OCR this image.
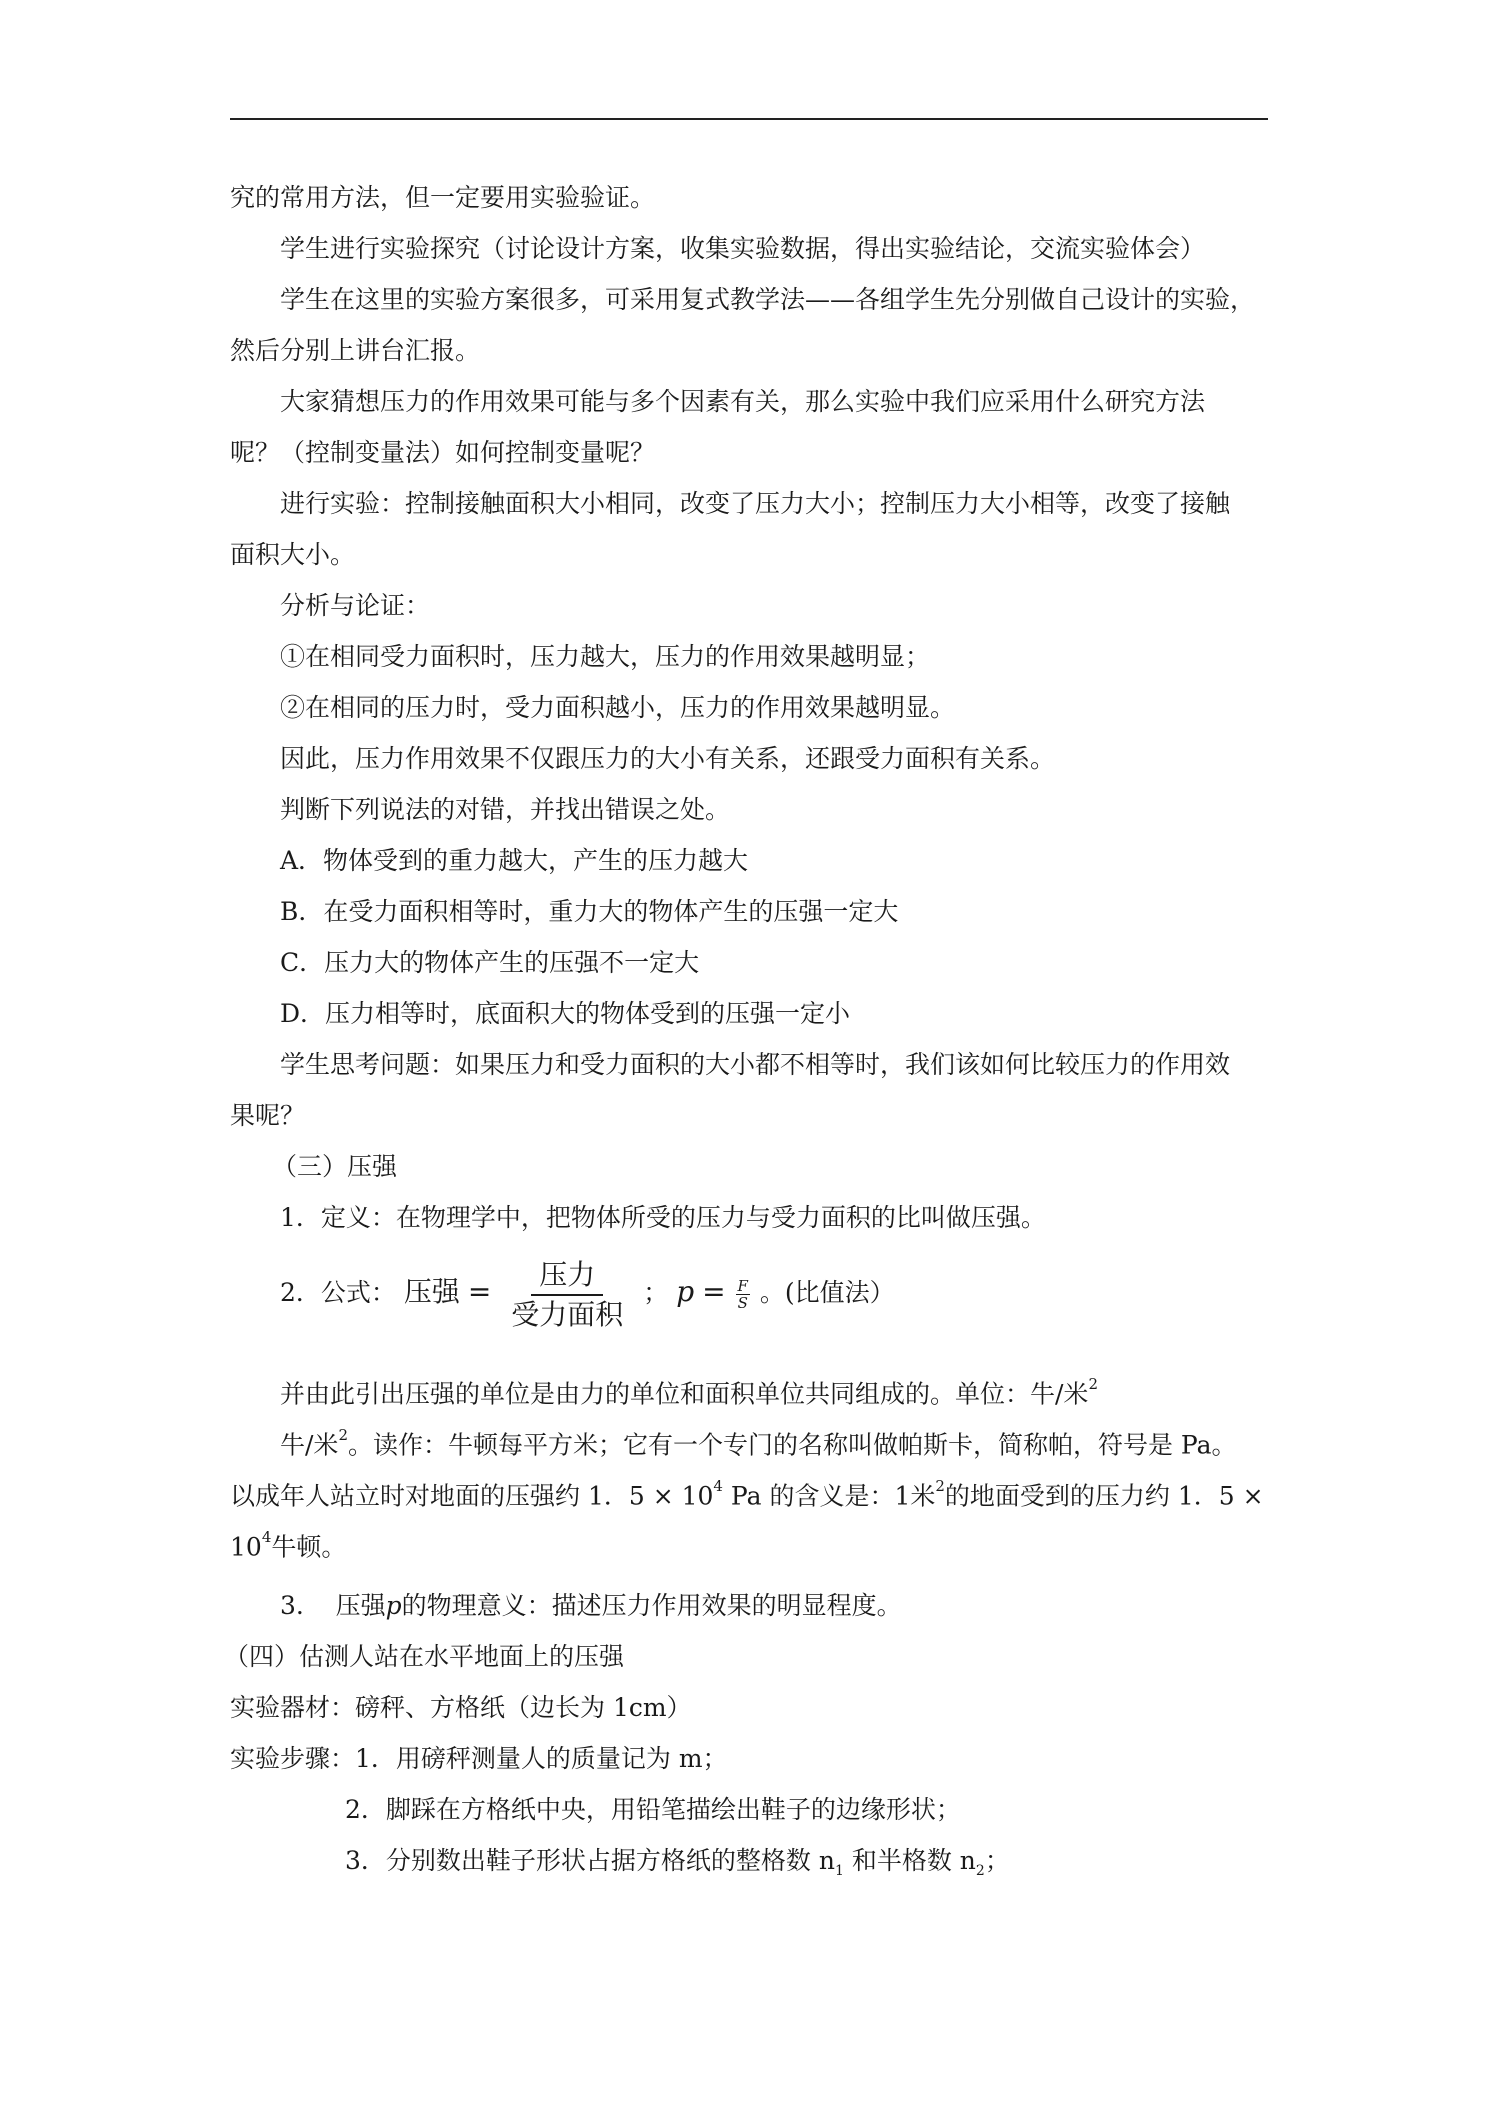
究的常用方法，但一定要用实验验证。
学生进行实验探究（讨论设计方案，收集实验数据，得出实验结论，交流实验体会）
学生在这里的实验方案很多，可采用复式教学法——各组学生先分别做自己设计的实验，
然后分别上讲台汇报。
大家猜想压力的作用效果可能与多个因素有关，那么实验中我们应采用什么研究方法
呢？（控制变量法）如何控制变量呢？
进行实验：控制接触面积大小相同，改变了压力大小；控制压力大小相等，改变了接触
面积大小。
分析与论证：
①在相同受力面积时，压力越大，压力的作用效果越明显；
②在相同的压力时，受力面积越小，压力的作用效果越明显。
因此，压力作用效果不仅跟压力的大小有关系，还跟受力面积有关系。
判断下列说法的对错，并找出错误之处。
A．物体受到的重力越大，产生的压力越大
B．在受力面积相等时，重力大的物体产生的压强一定大
C．压力大的物体产生的压强不一定大
D．压力相等时，底面积大的物体受到的压强一定小
学生思考问题：如果压力和受力面积的大小都不相等时，我们该如何比较压力的作用效
果呢？
（三）压强
1．定义：在物理学中，把物体所受的压力与受力面积的比叫做压强。
2．公式： 压强 = $\frac{\text{压力}}{\text{受力面积}}$ ； $p = \frac{F}{S}$ 。(比值法）
并由此引出压强的单位是由力的单位和面积单位共同组成的。单位：牛/米$^2$
牛/米$^2$。读作：牛顿每平方米；它有一个专门的名称叫做帕斯卡，简称帕，符号是 Pa。
以成年人站立时对地面的压强约 1．$5 \times 10^4$ Pa 的含义是：1米$^2$的地面受到的压力约 1．5 ×
$10^4$牛顿。
3.    压强p的物理意义：描述压力作用效果的明显程度。
（四）估测人站在水平地面上的压强
实验器材：磅秤、方格纸（边长为 1cm）
实验步骤：1．用磅秤测量人的质量记为 m；
2．脚踩在方格纸中央，用铅笔描绘出鞋子的边缘形状；
3．分别数出鞋子形状占据方格纸的整格数 $n_1$ 和半格数 $n_2$；
